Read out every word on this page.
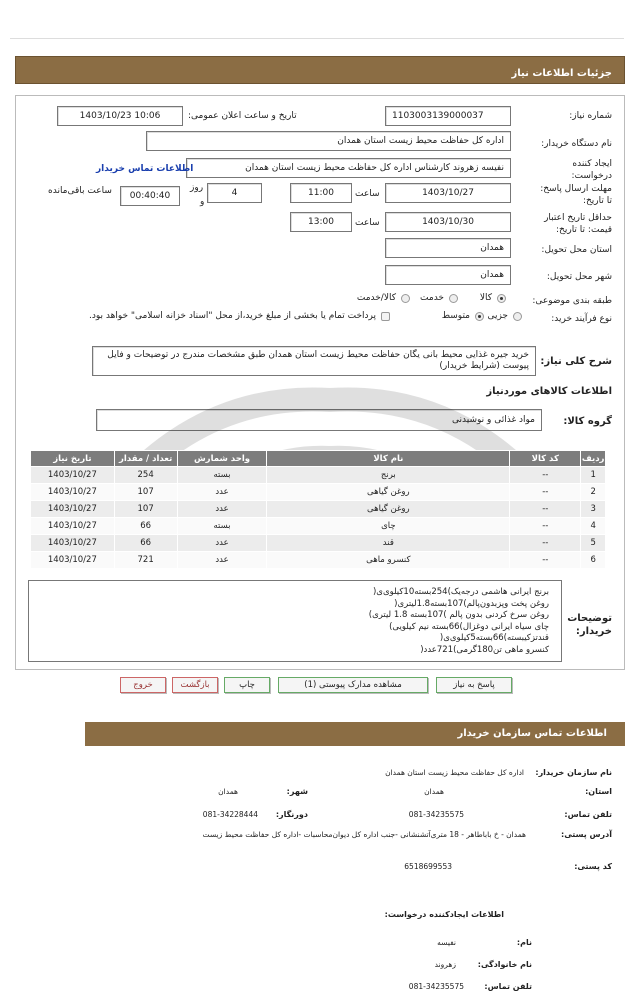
جزئیات اطلاعات نیاز
شماره نیاز:
1103003139000037
تاریخ و ساعت اعلان عمومی:
1403/10/23 10:06
نام دستگاه خریدار:
اداره کل حفاظت محیط زیست استان همدان
ایجاد کننده درخواست:
نفیسه زهروند کارشناس اداره کل حفاظت محیط زیست استان همدان
اطلاعات تماس خریدار
مهلت ارسال پاسخ: تا تاریخ:
1403/10/27
ساعت
11:00
4
روز
و
00:40:40
ساعت باقی‌مانده
حداقل تاریخ اعتبار قیمت: تا تاریخ:
1403/10/30
ساعت
13:00
استان محل تحویل:
همدان
شهر محل تحویل:
همدان
طبقه بندی موضوعی:
کالا
خدمت
کالا/خدمت
نوع فرآیند خرید:
جزیی
متوسط
پرداخت تمام یا بخشی از مبلغ خرید،از محل "اسناد خزانه اسلامی" خواهد بود.
شرح کلی نیاز:
خرید جیره غذایی محیط بانی یگان حفاظت محیط زیست استان همدان طبق مشخصات مندرج در توضیحات و فایل پیوست (شرایط خریدار)
اطلاعات کالاهای موردنیاز
گروه کالا:
مواد غذائی و نوشیدنی
ردیف	کد کالا	نام کالا	واحد شمارش	تعداد / مقدار	تاریخ نیاز
1	--	برنج	بسته	254	1403/10/27
2	--	روغن گیاهی	عدد	107	1403/10/27
3	--	روغن گیاهی	عدد	107	1403/10/27
4	--	چای	بسته	66	1403/10/27
5	--	قند	عدد	66	1403/10/27
6	--	کنسرو ماهی	عدد	721	1403/10/27
توضیحات خریدار:
برنج ایرانی هاشمی درجه‌یک)254بسته10کیلوی‌ی(
روغن پخت وپزبدون‌پالم)107بسته1.8لیتری(
روغن سرخ کردنی بدون پالم )107بسته 1.8 لیتری)
چای سیاه ایرانی دوغزال)66بسته نیم کیلویی)
قندتزکیبسته)66بسته‌5کیلوی‌ی(
کنسرو ماهی تن180گرمی)721عدد(
پاسخ به نیاز
مشاهده مدارک پیوستی (1)
چاپ
بازگشت
خروج
اطلاعات تماس سازمان خریدار
نام سازمان خریدار:
اداره کل حفاظت محیط زیست استان همدان
استان:
همدان
شهر:
همدان
تلفن تماس:
081-34235575
دورنگار:
081-34228444
آدرس پستی:
همدان - خ باباطاهر - 18 متری‌آتشنشانی -جنب اداره کل دیوان‌محاسبات -اداره کل حفاظت محیط زیست
کد پستی:
6518699553
اطلاعات ایجادکننده درخواست:
نام:
نفیسه
نام خانوادگی:
زهروند
تلفن تماس:
081-34235575
